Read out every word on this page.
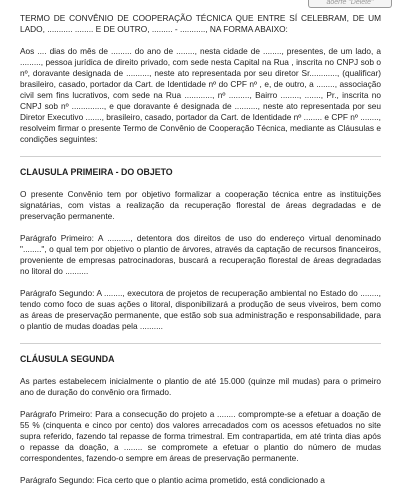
aoerfe "Delete"

TERMO DE CONVÊNIO DE COOPERAÇÃO TÉCNICA QUE ENTRE SÍ CELEBRAM, DE UM LADO, ........... ........ E DE OUTRO, ......... - ..........., NA FORMA ABAIXO:

Aos .... dias do mês de ......... do ano de ........, nesta cidade de ........, presentes, de um lado, a ........., pessoa jurídica de direito privado, com sede nesta Capital na Rua , inscrita no CNPJ sob o nº, doravante designada de .........., neste ato representada por seu diretor Sr............, (qualificar) brasileiro, casado, portador da Cart. de Identidade nº do CPF nº , e, de outro, a ........, associação civil sem fins lucrativos, com sede na Rua ............, nº ........., Bairro ........, ......., Pr., inscrita no CNPJ sob nº .............., e que doravante é designada de .........., neste ato representada por seu Diretor Executivo ......., brasileiro, casado, portador da Cart. de Identidade nº ........ e CPF nº ........, resolveim firmar o presente Termo de Convênio de Cooperação Técnica, mediante as Cláusulas e condições seguintes:

CLAUSULA PRIMEIRA - DO OBJETO

O presente Convênio tem por objetivo formalizar a cooperação técnica entre as instituições signatárias, com vistas a realização da recuperação florestal de áreas degradadas e de preservação permanente.

Parágrafo Primeiro: A .........., detentora dos direitos de uso do endereço virtual denominado "........", o qual tem por objetivo o plantio de árvores, através da captação de recursos financeiros, proveniente de empresas patrocinadoras, buscará a recuperação florestal de áreas degradadas no litoral do ..........

Parágrafo Segundo: A ........, executora de projetos de recuperação ambiental no Estado do ........, tendo como foco de suas ações o litoral, disponibilizará a produção de seus viveiros, bem como as áreas de preservação permanente, que estão sob sua administração e responsabilidade, para o plantio de mudas doadas pela ..........

CLÁUSULA SEGUNDA

As partes estabelecem inicialmente o plantio de até 15.000 (quinze mil mudas) para o primeiro ano de duração do convênio ora firmado.

Parágrafo Primeiro: Para a consecução do projeto a ........ comprompte-se a efetuar a doação de 55 % (cinquenta e cinco por cento) dos valores arrecadados com os acessos efetuados no site supra referido, fazendo tal repasse de forma trimestral. Em contrapartida, em até trinta dias após o repasse da doação, a ........ se compromete a efetuar o plantio do número de mudas correspondentes, fazendo-o sempre em áreas de preservação permanente.

Parágrafo Segundo: Fica certo que o plantio acima prometido, está condicionado a
